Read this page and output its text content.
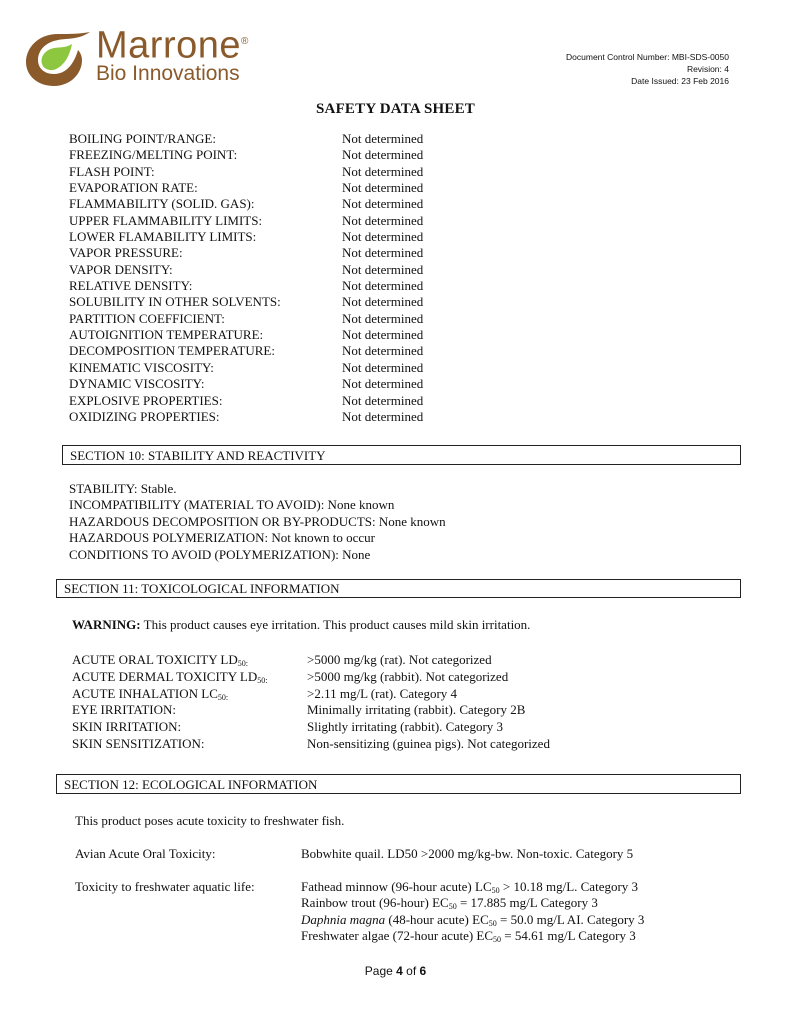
Marrone®
Bio Innovations
Document Control Number: MBI-SDS-0050
Revision: 4
Date Issued: 23 Feb 2016
SAFETY DATA SHEET
BOILING POINT/RANGE:	Not determined
FREEZING/MELTING POINT:	Not determined
FLASH POINT:	Not determined
EVAPORATION RATE:	Not determined
FLAMMABILITY (SOLID. GAS):	Not determined
UPPER FLAMMABILITY LIMITS:	Not determined
LOWER FLAMABILITY LIMITS:	Not determined
VAPOR PRESSURE:	Not determined
VAPOR DENSITY:	Not determined
RELATIVE DENSITY:	Not determined
SOLUBILITY IN OTHER SOLVENTS:	Not determined
PARTITION COEFFICIENT:	Not determined
AUTOIGNITION TEMPERATURE:	Not determined
DECOMPOSITION TEMPERATURE:	Not determined
KINEMATIC VISCOSITY:	Not determined
DYNAMIC VISCOSITY:	Not determined
EXPLOSIVE PROPERTIES:	Not determined
OXIDIZING PROPERTIES:	Not determined
SECTION 10: STABILITY AND REACTIVITY
STABILITY: Stable.
INCOMPATIBILITY (MATERIAL TO AVOID): None known
HAZARDOUS DECOMPOSITION OR BY-PRODUCTS: None known
HAZARDOUS POLYMERIZATION: Not known to occur
CONDITIONS TO AVOID (POLYMERIZATION): None
SECTION 11: TOXICOLOGICAL INFORMATION
WARNING: This product causes eye irritation. This product causes mild skin irritation.
ACUTE ORAL TOXICITY $LD_{50:}$	>5000 mg/kg (rat). Not categorized
ACUTE DERMAL TOXICITY $LD_{50:}$	>5000 mg/kg (rabbit). Not categorized
ACUTE INHALATION $LC_{50:}$	>2.11 mg/L (rat). Category 4
EYE IRRITATION:	Minimally irritating (rabbit). Category 2B
SKIN IRRITATION:	Slightly irritating (rabbit). Category 3
SKIN SENSITIZATION:	Non-sensitizing (guinea pigs). Not categorized
SECTION 12: ECOLOGICAL INFORMATION
This product poses acute toxicity to freshwater fish.
Avian Acute Oral Toxicity:	Bobwhite quail. LD50 >2000 mg/kg-bw. Non-toxic. Category 5
Toxicity to freshwater aquatic life:	Fathead minnow (96-hour acute) $LC_{50} > 10.18$ mg/L. Category 3
Rainbow trout (96-hour) $EC_{50} = 17.885$ mg/L Category 3
Daphnia magna (48-hour acute) $EC_{50} = 50.0$ mg/L AI. Category 3
Freshwater algae (72-hour acute) $EC_{50} = 54.61$ mg/L Category 3
Page 4 of 6
